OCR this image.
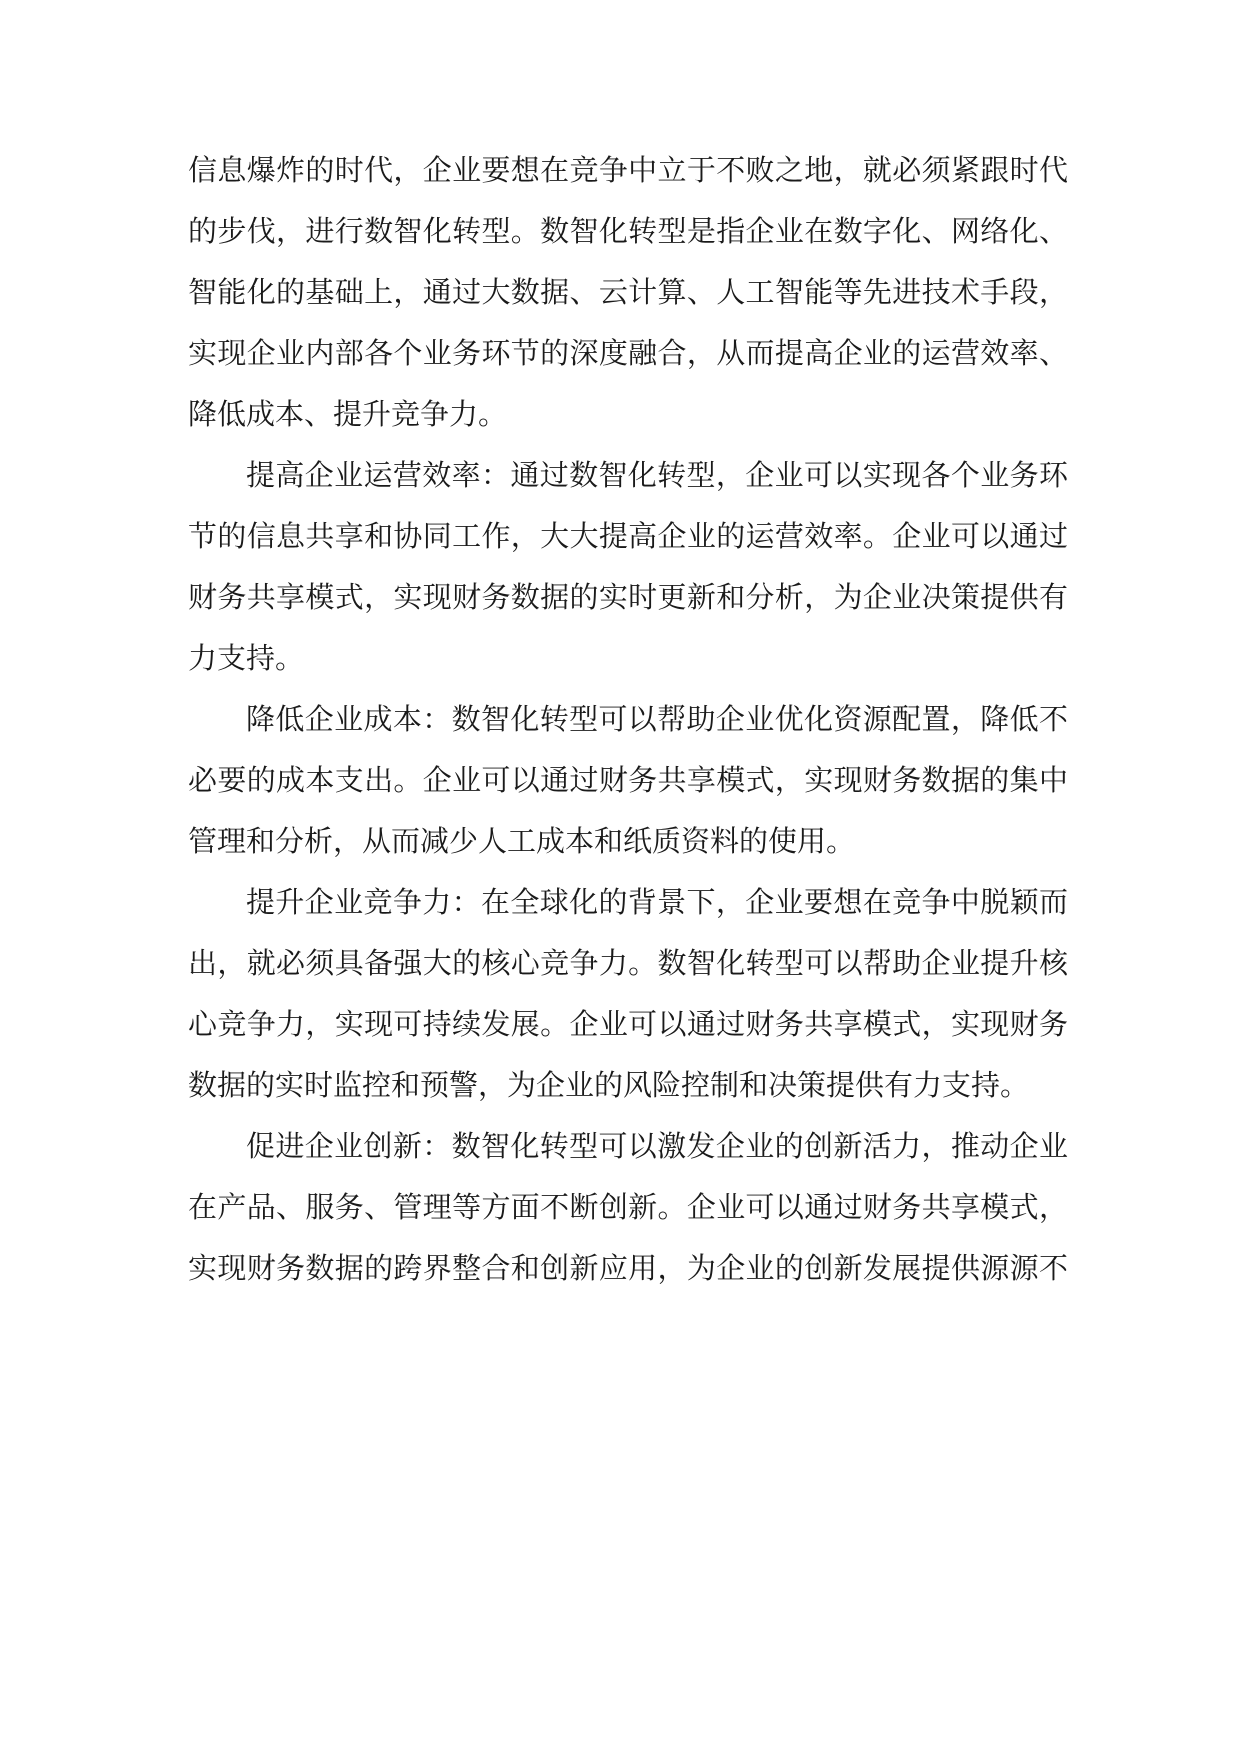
信息爆炸的时代，企业要想在竞争中立于不败之地，就必须紧跟时代
的步伐，进行数智化转型。数智化转型是指企业在数字化、网络化、
智能化的基础上，通过大数据、云计算、人工智能等先进技术手段，
实现企业内部各个业务环节的深度融合，从而提高企业的运营效率、
降低成本、提升竞争力。
提高企业运营效率：通过数智化转型，企业可以实现各个业务环
节的信息共享和协同工作，大大提高企业的运营效率。企业可以通过
财务共享模式，实现财务数据的实时更新和分析，为企业决策提供有
力支持。
降低企业成本：数智化转型可以帮助企业优化资源配置，降低不
必要的成本支出。企业可以通过财务共享模式，实现财务数据的集中
管理和分析，从而减少人工成本和纸质资料的使用。
提升企业竞争力：在全球化的背景下，企业要想在竞争中脱颖而
出，就必须具备强大的核心竞争力。数智化转型可以帮助企业提升核
心竞争力，实现可持续发展。企业可以通过财务共享模式，实现财务
数据的实时监控和预警，为企业的风险控制和决策提供有力支持。
促进企业创新：数智化转型可以激发企业的创新活力，推动企业
在产品、服务、管理等方面不断创新。企业可以通过财务共享模式，
实现财务数据的跨界整合和创新应用，为企业的创新发展提供源源不
